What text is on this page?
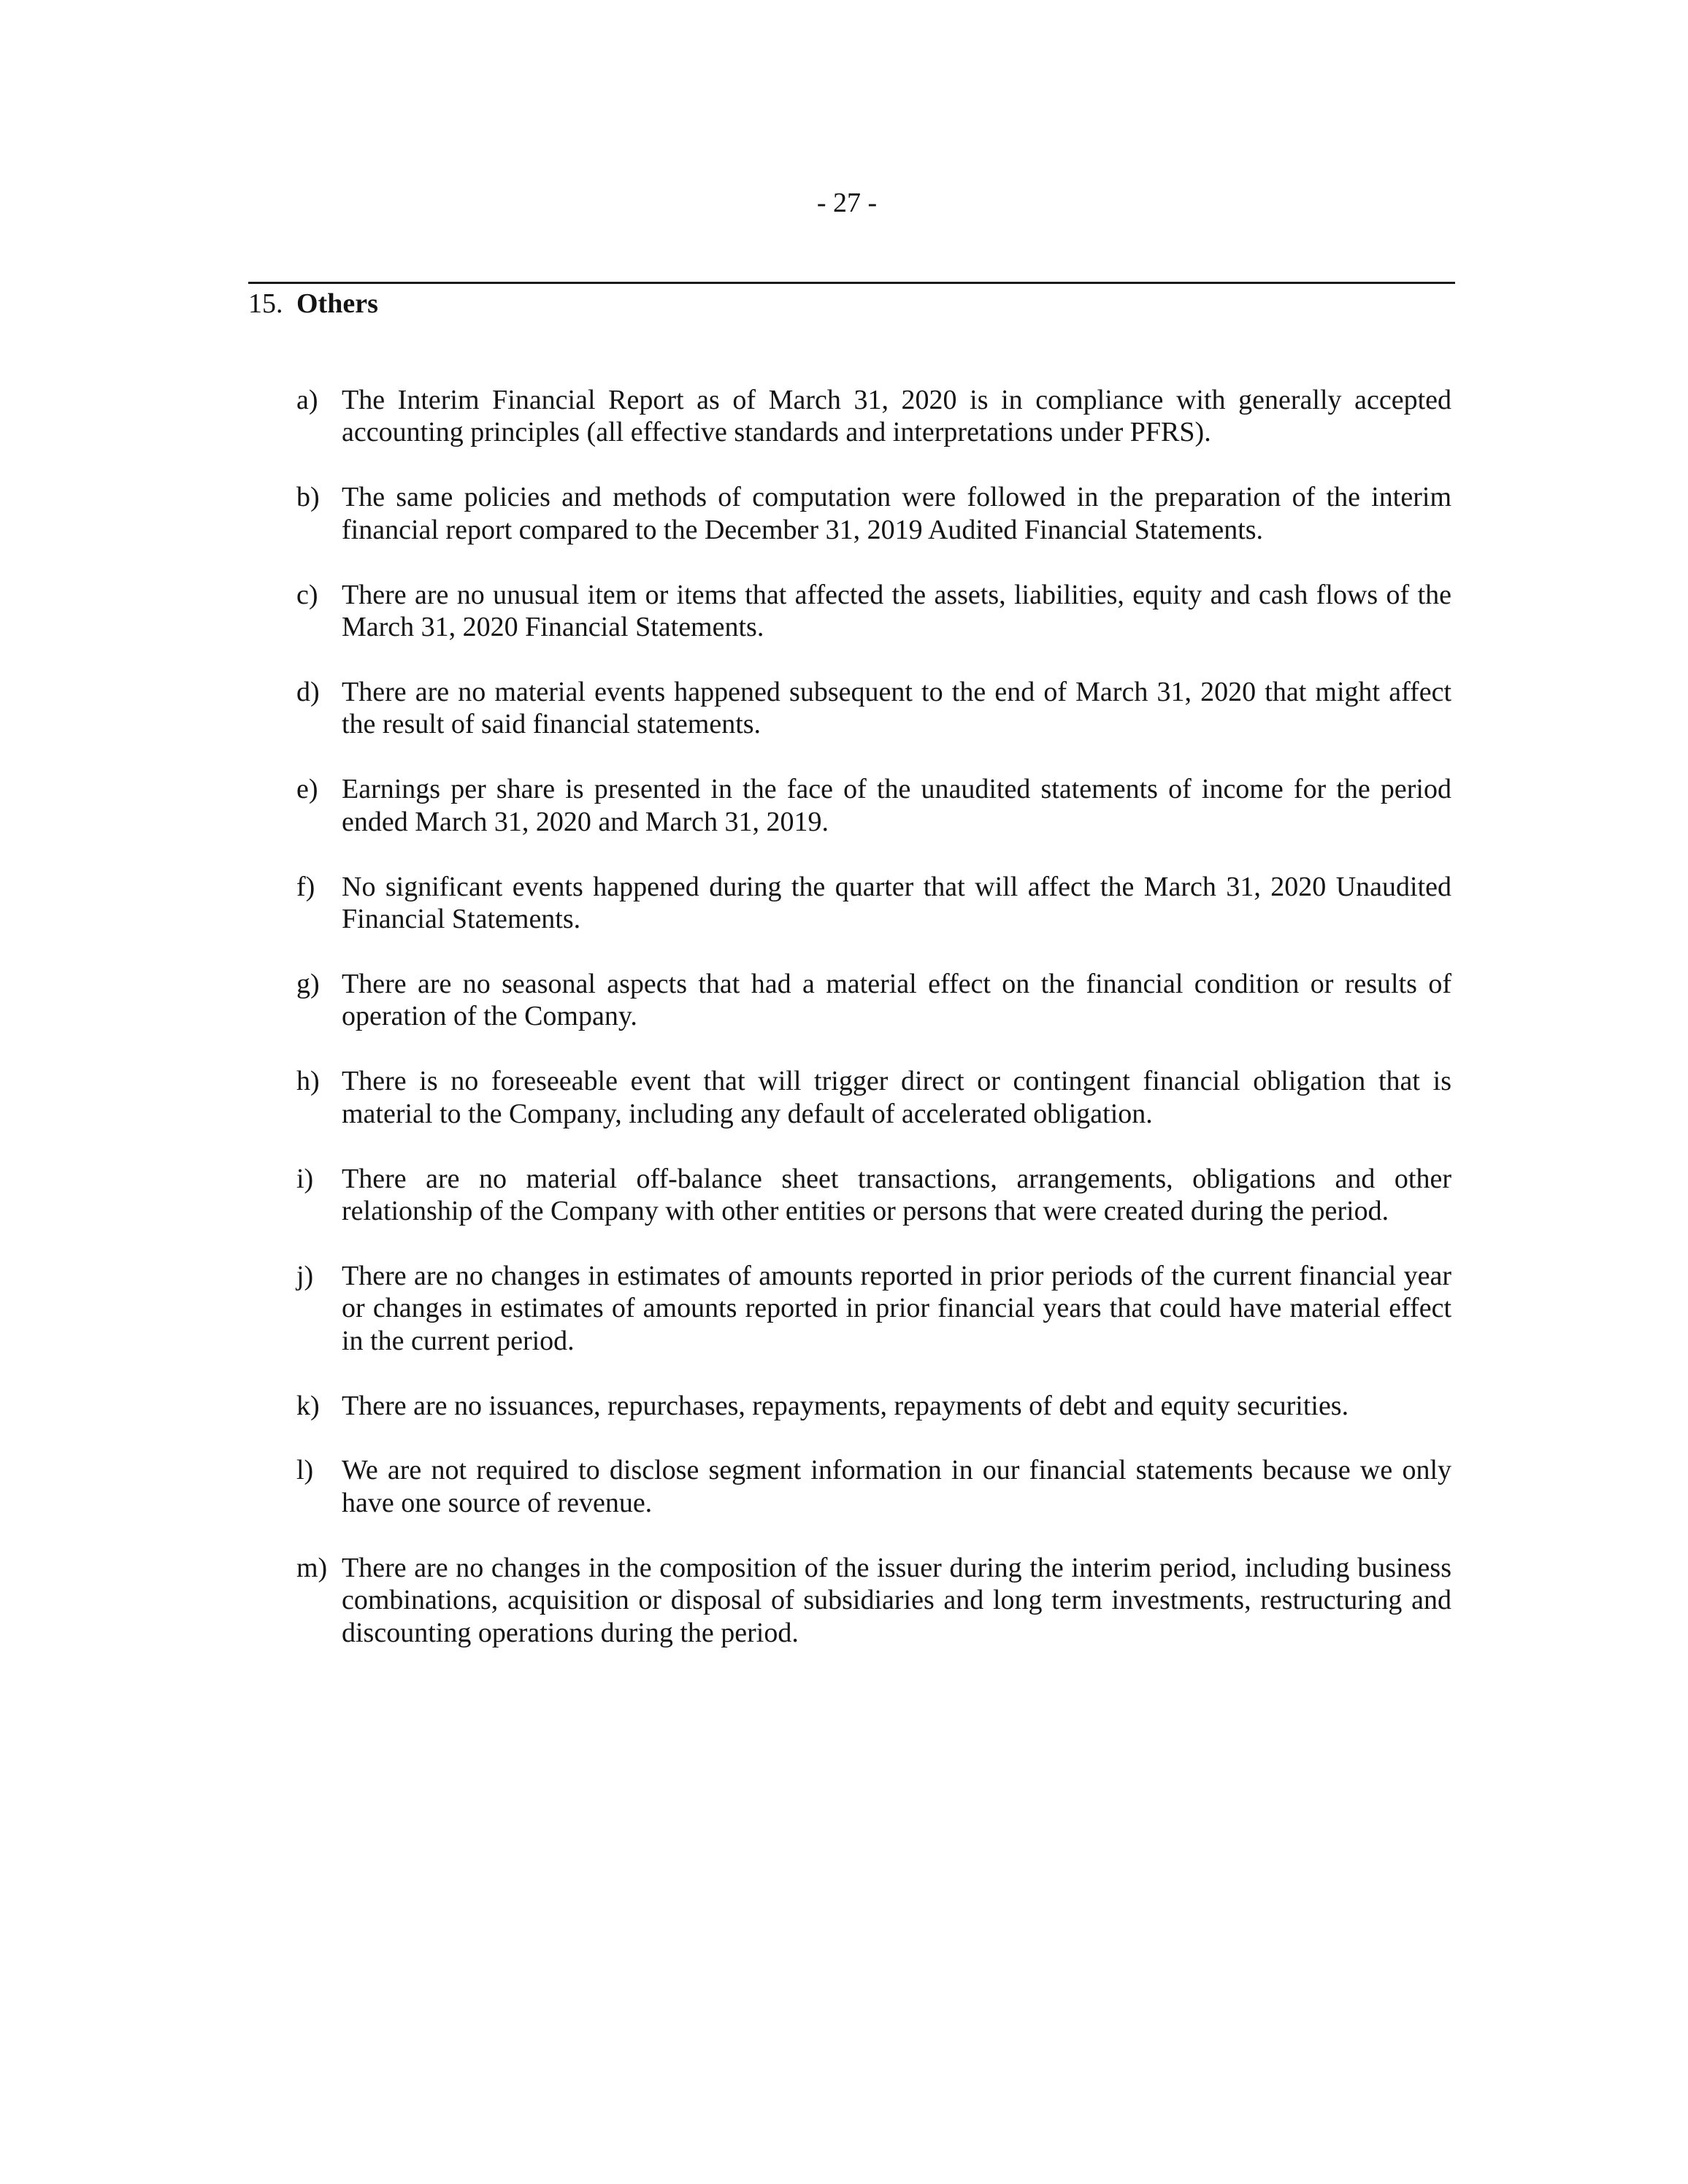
- 27 -
15. Others
a) The Interim Financial Report as of March 31, 2020 is in compliance with generally accepted
accounting principles (all effective standards and interpretations under PFRS).
b) The same policies and methods of computation were followed in the preparation of the interim
financial report compared to the December 31, 2019 Audited Financial Statements.
c) There are no unusual item or items that affected the assets, liabilities, equity and cash flows of the
March 31, 2020 Financial Statements.
d) There are no material events happened subsequent to the end of March 31, 2020 that might affect
the result of said financial statements.
e) Earnings per share is presented in the face of the unaudited statements of income for the period
ended March 31, 2020 and March 31, 2019.
f) No significant events happened during the quarter that will affect the March 31, 2020 Unaudited
Financial Statements.
g) There are no seasonal aspects that had a material effect on the financial condition or results of
operation of the Company.
h) There is no foreseeable event that will trigger direct or contingent financial obligation that is
material to the Company, including any default of accelerated obligation.
i) There are no material off-balance sheet transactions, arrangements, obligations and other
relationship of the Company with other entities or persons that were created during the period.
j) There are no changes in estimates of amounts reported in prior periods of the current financial year
or changes in estimates of amounts reported in prior financial years that could have material effect
in the current period.
k) There are no issuances, repurchases, repayments, repayments of debt and equity securities.
l) We are not required to disclose segment information in our financial statements because we only
have one source of revenue.
m) There are no changes in the composition of the issuer during the interim period, including business
combinations, acquisition or disposal of subsidiaries and long term investments, restructuring and
discounting operations during the period.
